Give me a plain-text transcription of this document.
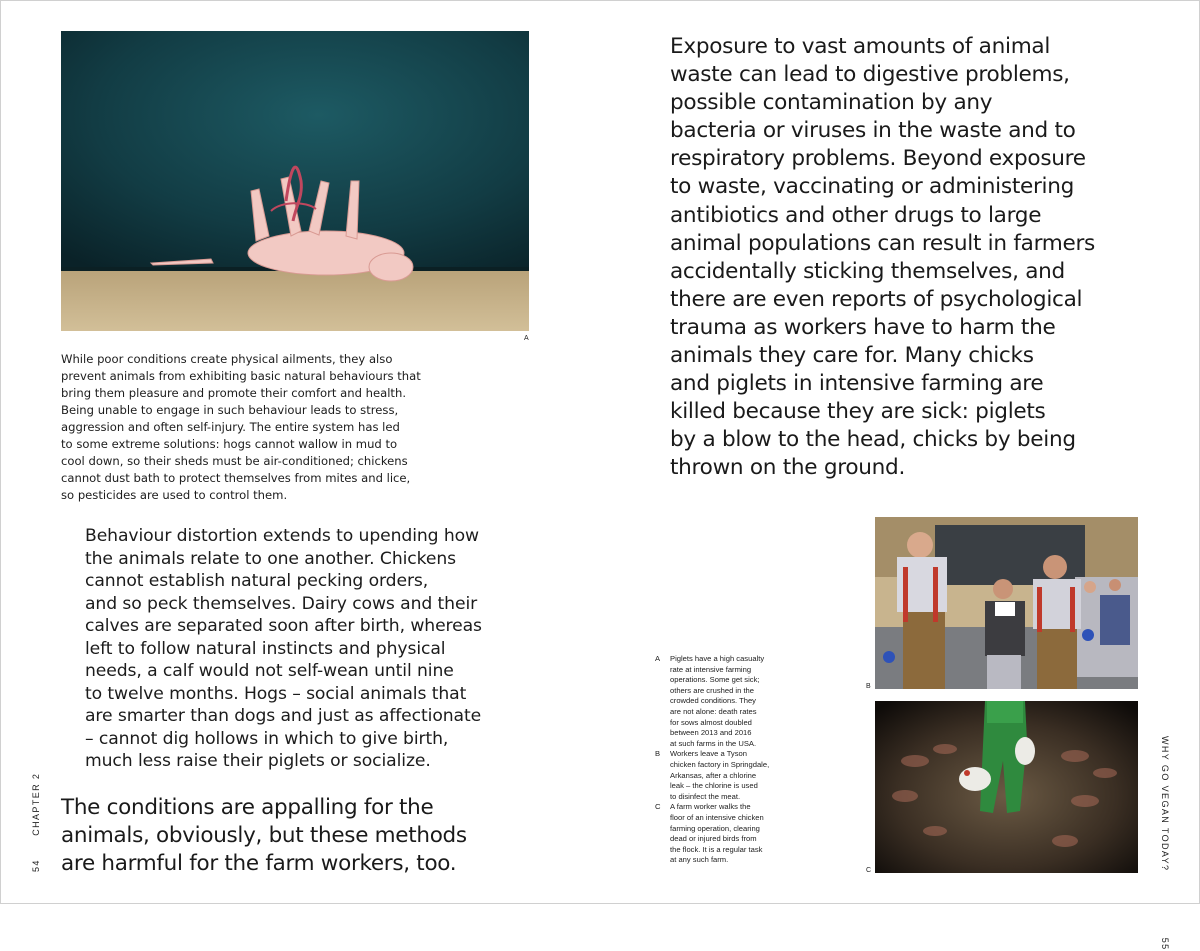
A

While poor conditions create physical ailments, they also

prevent animals from exhibiting basic natural behaviours that

bring them pleasure and promote their comfort and health.

Being unable to engage in such behaviour leads to stress,

aggression and often self-injury. The entire system has led

to some extreme solutions: hogs cannot wallow in mud to

cool down, so their sheds must be air-conditioned; chickens

cannot dust bath to protect themselves from mites and lice,

so pesticides are used to control them.

Behaviour distortion extends to upending how

the animals relate to one another. Chickens

cannot establish natural pecking orders,

and so peck themselves. Dairy cows and their

calves are separated soon after birth, whereas

left to follow natural instincts and physical

needs, a calf would not self-wean until nine

to twelve months. Hogs – social animals that

are smarter than dogs and just as affectionate

– cannot dig hollows in which to give birth,

much less raise their piglets or socialize.

The conditions are appalling for the

animals, obviously, but these methods

are harmful for the farm workers, too.

54      CHAPTER 2

Exposure to vast amounts of animal

waste can lead to digestive problems,

possible contamination by any

bacteria or viruses in the waste and to

respiratory problems. Beyond exposure

to waste, vaccinating or administering

antibiotics and other drugs to large

animal populations can result in farmers

accidentally sticking themselves, and

there are even reports of psychological

trauma as workers have to harm the

animals they care for. Many chicks

and piglets in intensive farming are

killed because they are sick: piglets

by a blow to the head, chicks by being

thrown on the ground.

A	Piglets have a high casualty
rate at intensive farming
operations. Some get sick;
others are crushed in the
crowded conditions. They
are not alone: death rates
for sows almost doubled
between 2013 and 2016
at such farms in the USA.
B	Workers leave a Tyson
chicken factory in Springdale,
Arkansas, after a chlorine
leak – the chlorine is used
to disinfect the meat.
C	A farm worker walks the
floor of an intensive chicken
farming operation, clearing
dead or injured birds from
the flock. It is a regular task
at any such farm.
B
C	WHY GO VEGAN TODAY?                 55
